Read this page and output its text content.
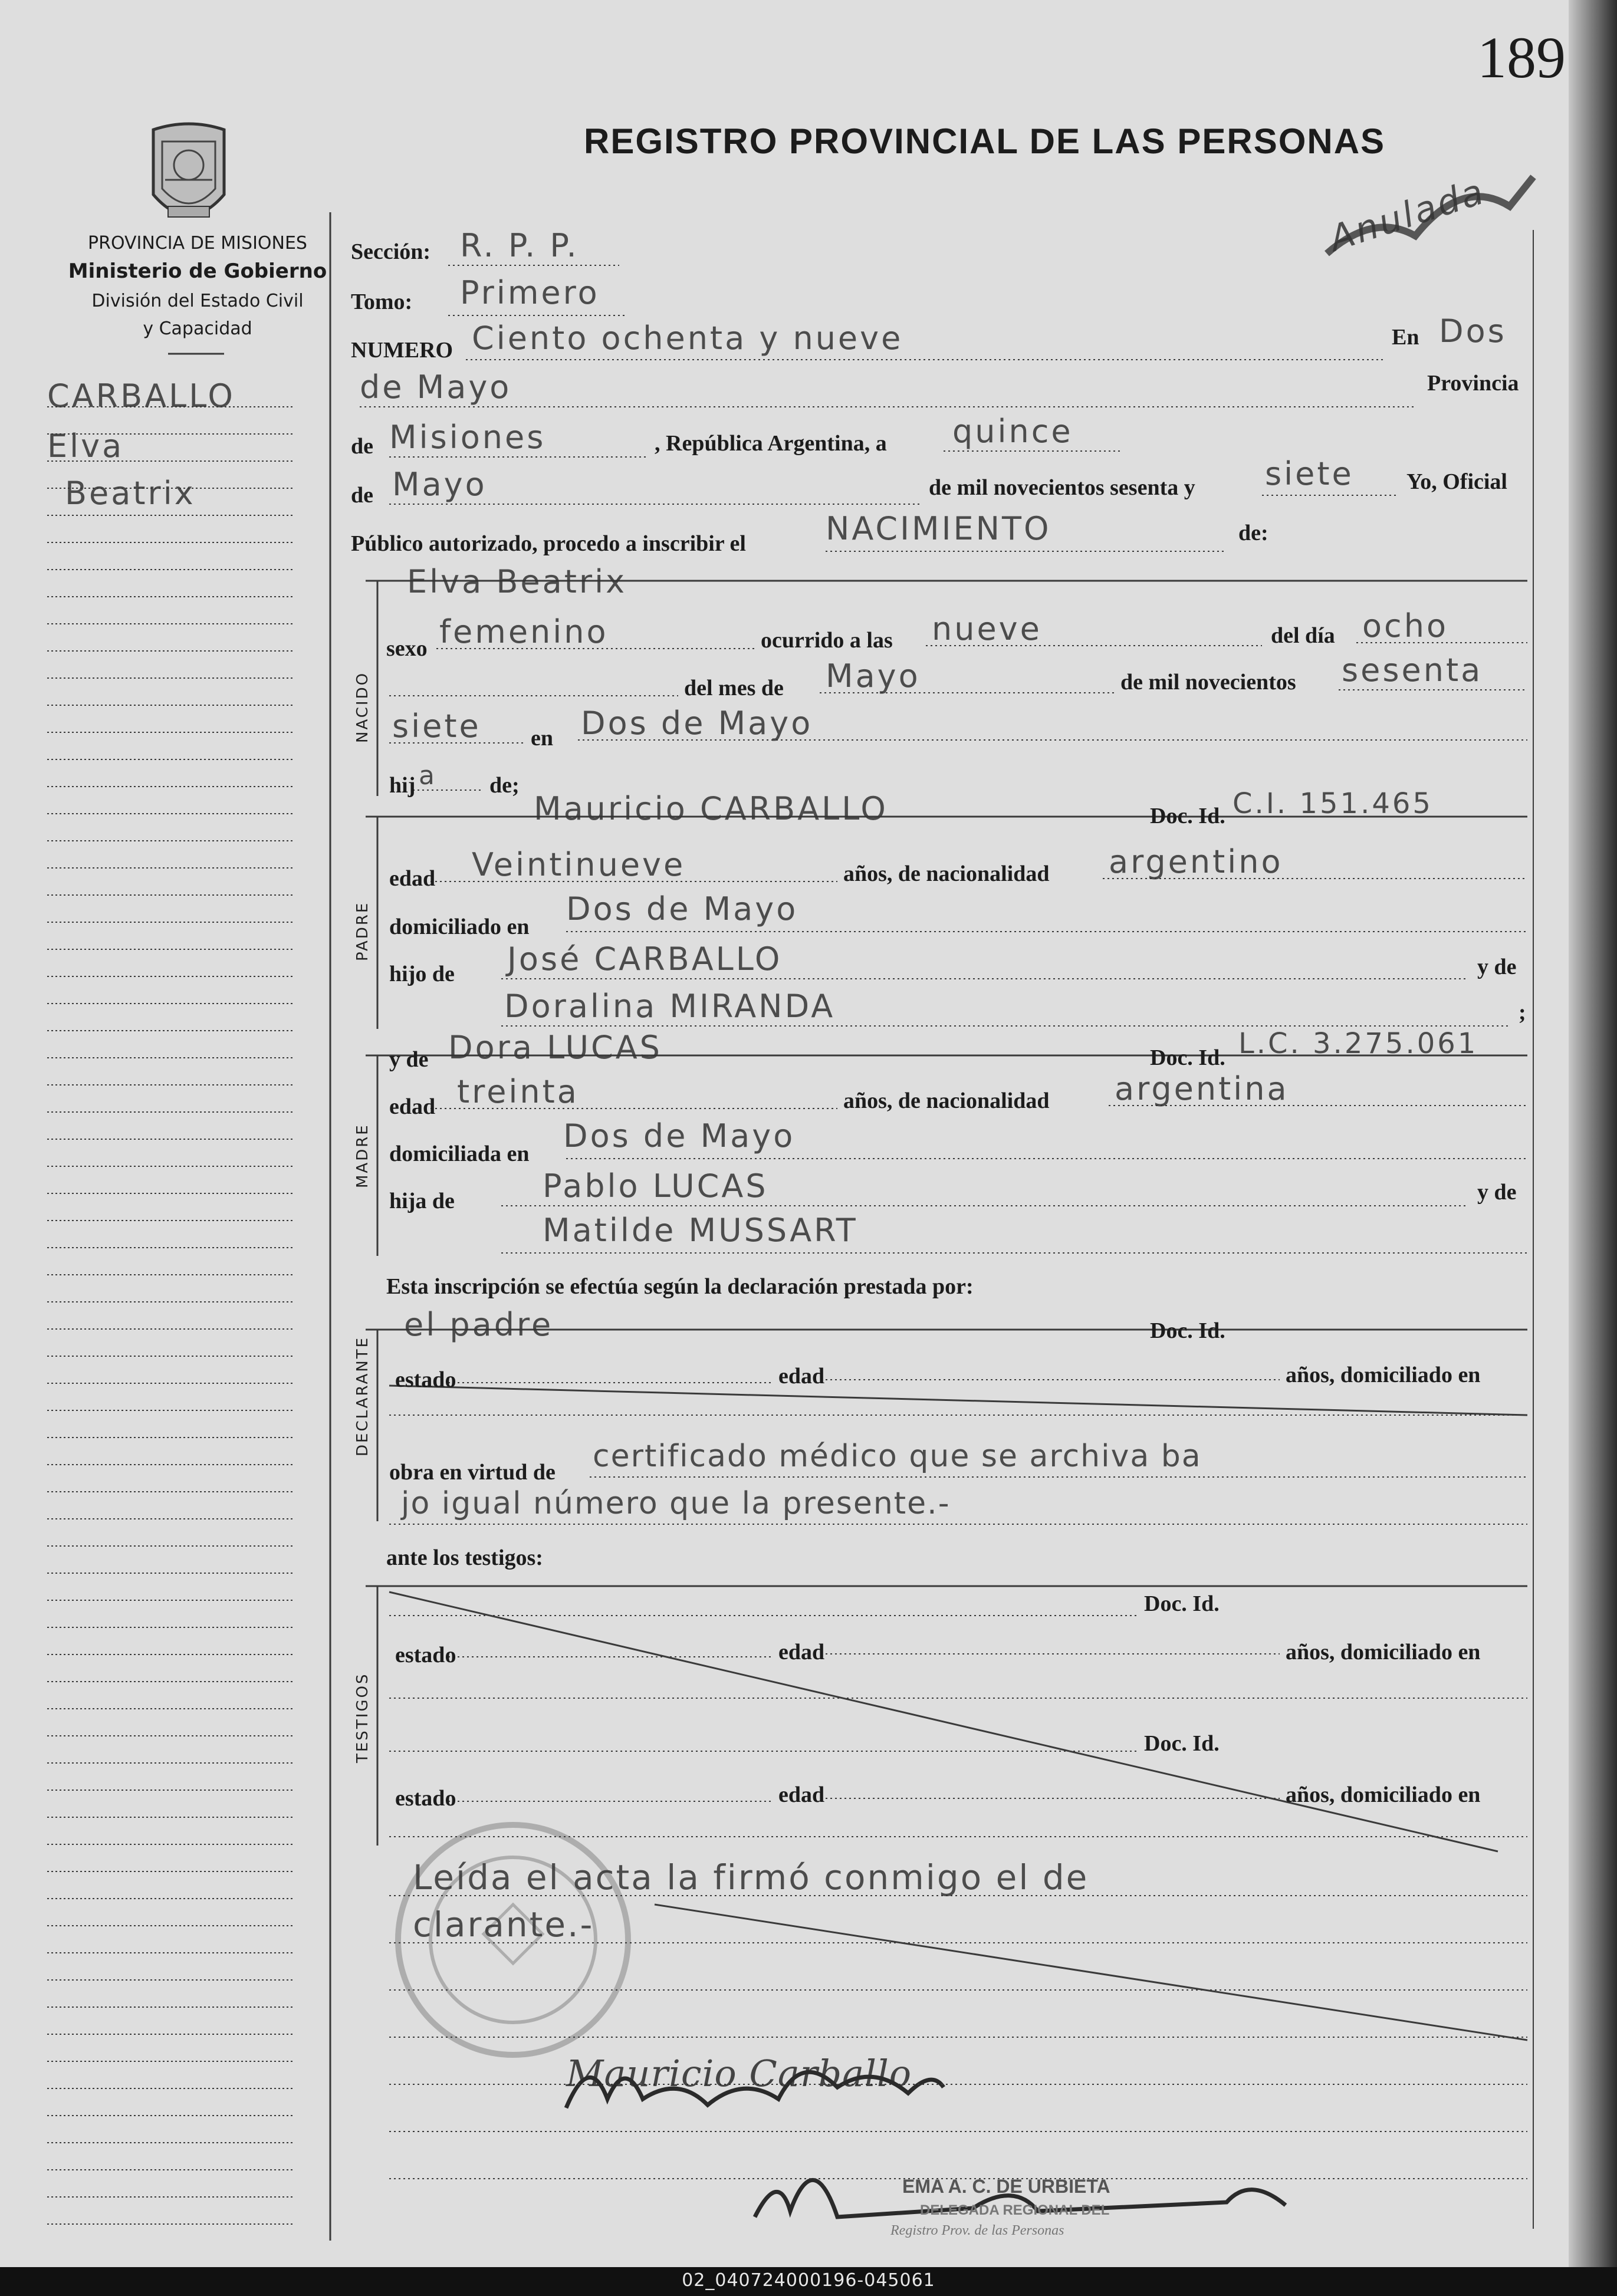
189
REGISTRO PROVINCIAL DE LAS PERSONAS
PROVINCIA DE MISIONES
Ministerio de Gobierno
División del Estado Civil
y Capacidad
CARBALLO
Elva
Beatrix
Anulada
Sección: R. P. P.
Tomo: Primero
NUMERO Ciento ochenta y nueve	En Dos
de Mayo	Provincia
de Misiones	, República Argentina, a quince
de Mayo	de mil novecientos sesenta y siete Yo, Oficial
Público autorizado, procedo a inscribir el	NACIMIENTO	de:
NACIDO
Elva Beatrix
sexo femenino	ocurrido a las nueve	del día ocho
del mes de Mayo	de mil novecientos sesenta
siete en Dos de Mayo
hij a de;
PADRE
Mauricio CARBALLO	Doc. Id. C.I. 151.465
edad Veintinueve	años, de nacionalidad argentino
domiciliado en Dos de Mayo
hijo de José CARBALLO	y de
Doralina MIRANDA	;
y de Dora LUCAS	Doc. Id. L.C. 3.275.061
MADRE
edad treinta	años, de nacionalidad argentina
domiciliada en Dos de Mayo
hija de	Pablo LUCAS	y de
Matilde MUSSART
Esta inscripción se efectúa según la declaración prestada por:
DECLARANTE
el padre	Doc. Id.
estado	edad	años, domiciliado en
obra en virtud de certificado médico que se archiva ba
jo igual número que la presente.-
ante los testigos:
TESTIGOS
Doc. Id.
estado	edad	años, domiciliado en
Doc. Id.
estado	edad	años, domiciliado en
Leída el acta la firmó conmigo el de
clarante.-
Mauricio Carballo
EMA A. C. DE URBIETA
DELEGADA REGIONAL DEL
Registro Prov. de las Personas
02_040724000196-045061
